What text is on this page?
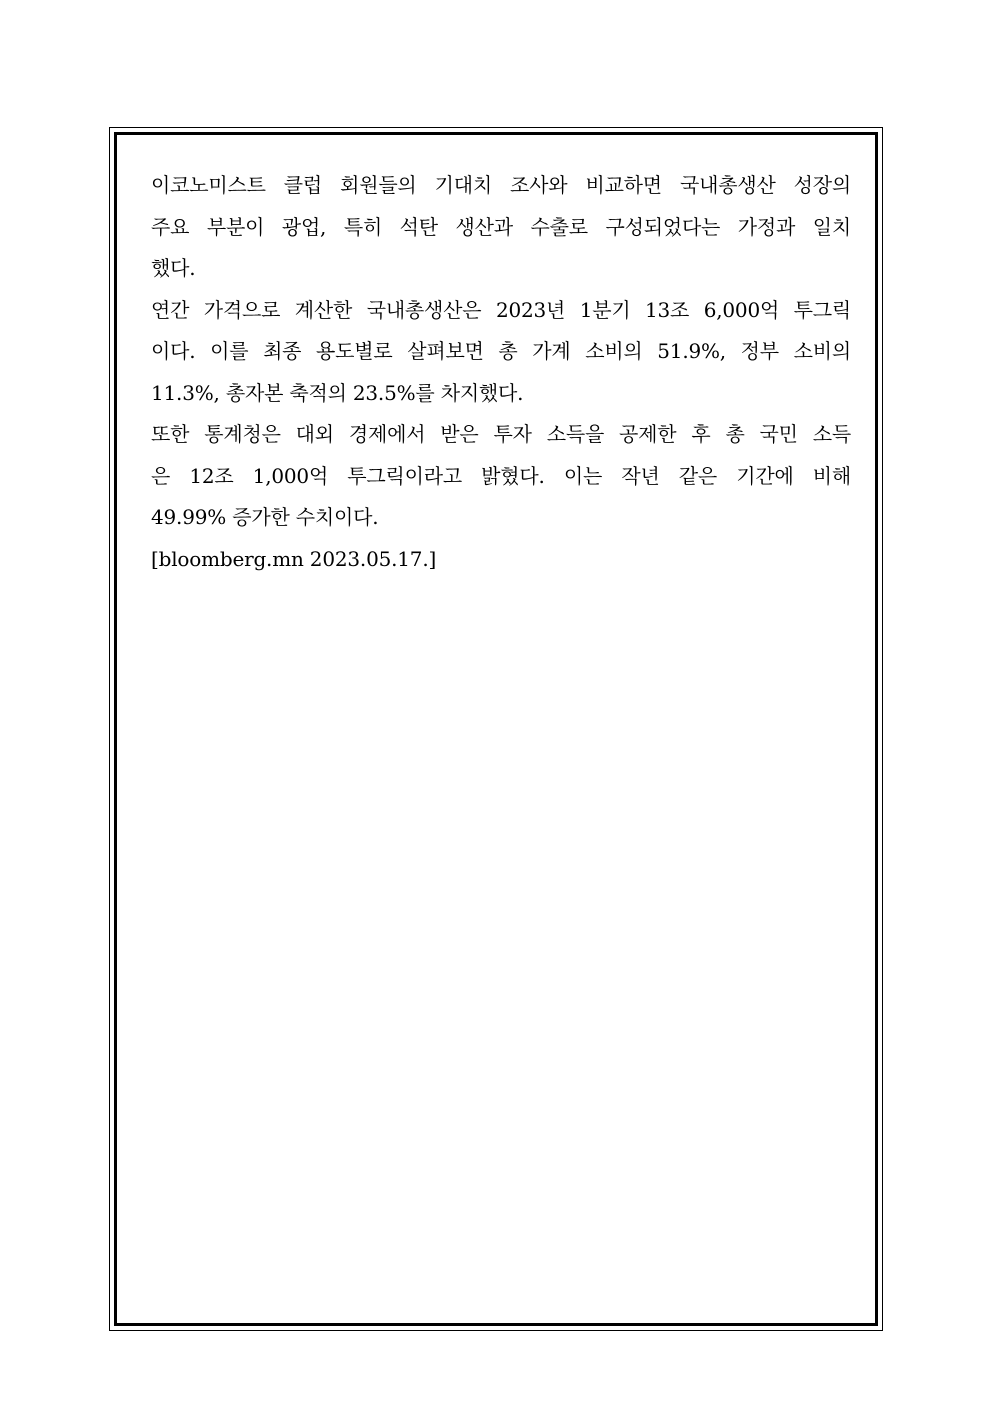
이코노미스트 클럽 회원들의 기대치 조사와 비교하면 국내총생산 성장의
주요 부분이 광업, 특히 석탄 생산과 수출로 구성되었다는 가정과 일치
했다.
연간 가격으로 계산한 국내총생산은 2023년 1분기 13조 6,000억 투그릭
이다. 이를 최종 용도별로 살펴보면 총 가계 소비의 51.9%, 정부 소비의
11.3%, 총자본 축적의 23.5%를 차지했다.
또한 통계청은 대외 경제에서 받은 투자 소득을 공제한 후 총 국민 소득
은 12조 1,000억 투그릭이라고 밝혔다. 이는 작년 같은 기간에 비해
49.99% 증가한 수치이다.
[bloomberg.mn 2023.05.17.]
